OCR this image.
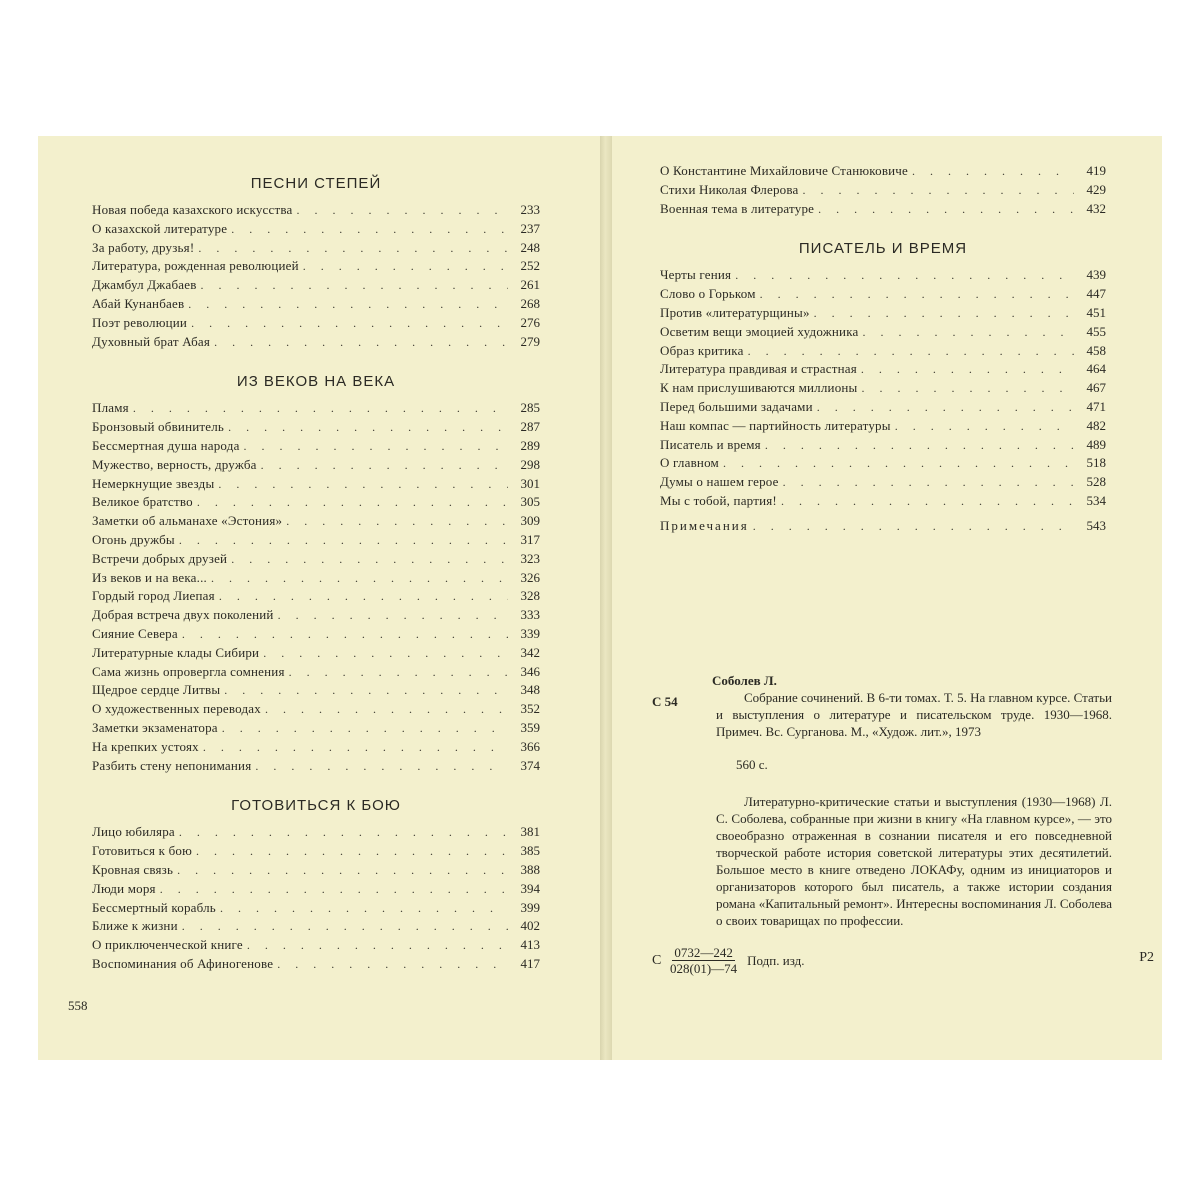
ПЕСНИ СТЕПЕЙ
Новая победа казахского искусства . . .	233
О казахской литературе . . .	237
За работу, друзья! . . .	248
Литература, рожденная революцией . . .	252
Джамбул Джабаев . . .	261
Абай Кунанбаев . . .	268
Поэт революции . . .	276
Духовный брат Абая . . .	279
ИЗ ВЕКОВ НА ВЕКА
Пламя . . .	285
Бронзовый обвинитель . . .	287
Бессмертная душа народа . . .	289
Мужество, верность, дружба . . .	298
Немеркнущие звезды . . .	301
Великое братство . . .	305
Заметки об альманахе «Эстония» . . .	309
Огонь дружбы . . .	317
Встречи добрых друзей . . .	323
Из веков и на века... . . .	326
Гордый город Лиепая . . .	328
Добрая встреча двух поколений . . .	333
Сияние Севера . . .	339
Литературные клады Сибири . . .	342
Сама жизнь опровергла сомнения . . .	346
Щедрое сердце Литвы . . .	348
О художественных переводах . . .	352
Заметки экзаменатора . . .	359
На крепких устоях . . .	366
Разбить стену непонимания . . .	374
ГОТОВИТЬСЯ К БОЮ
Лицо юбиляра . . .	381
Готовиться к бою . . .	385
Кровная связь . . .	388
Люди моря . . .	394
Бессмертный корабль . . .	399
Ближе к жизни . . .	402
О приключенческой книге . . .	413
Воспоминания об Афиногенове . . .	417
558
О Константине Михайловиче Станюковиче . . .	419
Стихи Николая Флерова . . .	429
Военная тема в литературе . . .	432
ПИСАТЕЛЬ И ВРЕМЯ
Черты гения . . .	439
Слово о Горьком . . .	447
Против «литературщины» . . .	451
Осветим вещи эмоцией художника . . .	455
Образ критика . . .	458
Литература правдивая и страстная . . .	464
К нам прислушиваются миллионы . . .	467
Перед большими задачами . . .	471
Наш компас — партийность литературы . . .	482
Писатель и время . . .	489
О главном . . .	518
Думы о нашем герое . . .	528
Мы с тобой, партия! . . .	534
Примечания . . .	543
Соболев Л.
С 54	Собрание сочинений. В 6-ти томах. Т. 5. На главном курсе. Статьи и выступления о литературе и писательском труде. 1930—1968. Примеч. Вс. Сурганова. М., «Худож. лит.», 1973
560 с.
Литературно-критические статьи и выступления (1930—1968) Л. С. Соболева, собранные при жизни в книгу «На главном курсе», — это своеобразно отраженная в сознании писателя и его повседневной творческой работе история советской литературы этих десятилетий. Большое место в книге отведено ЛОКАФу, одним из инициаторов и организаторов которого был писатель, а также истории создания романа «Капитальный ремонт». Интересны воспоминания Л. Соболева о своих товарищах по профессии.
С $\frac{0732—242}{028(01)—74}$ Подп. изд.	Р2
